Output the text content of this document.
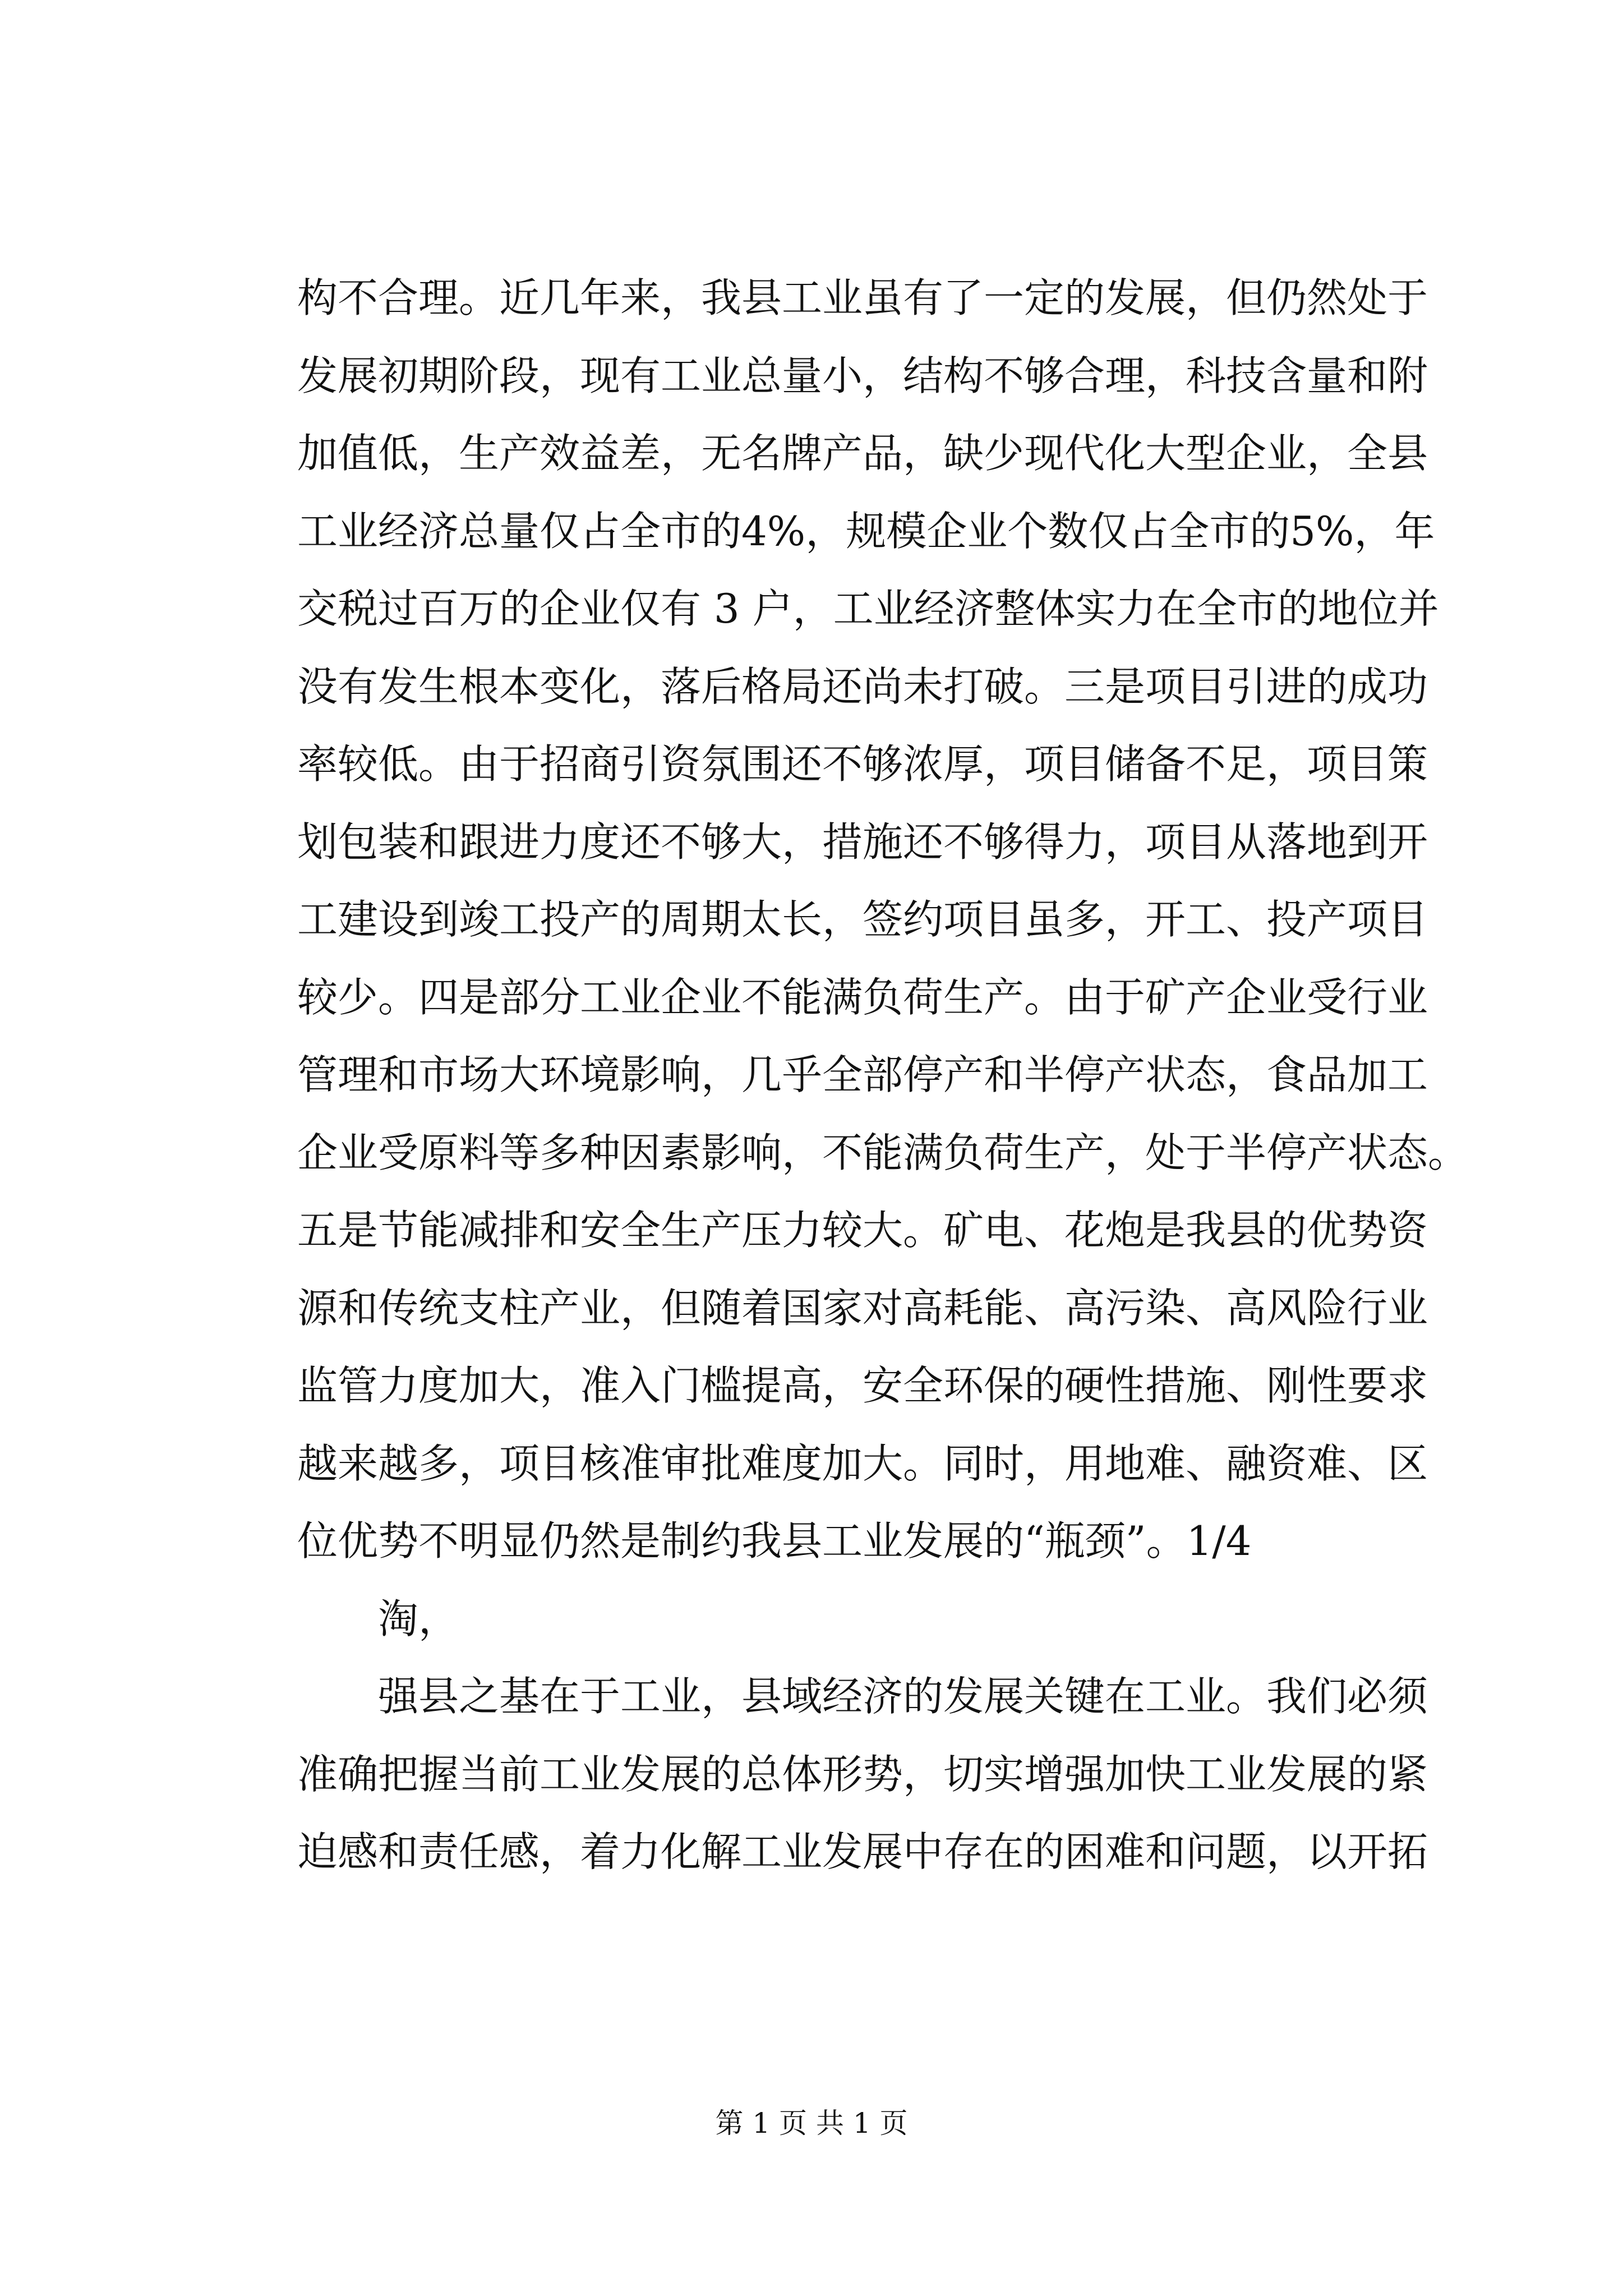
构不合理。近几年来，我县工业虽有了一定的发展，但仍然处于
发展初期阶段，现有工业总量小，结构不够合理，科技含量和附
加值低，生产效益差，无名牌产品，缺少现代化大型企业，全县
工业经济总量仅占全市的4%，规模企业个数仅占全市的5%，年
交税过百万的企业仅有 3 户，工业经济整体实力在全市的地位并
没有发生根本变化，落后格局还尚未打破。三是项目引进的成功
率较低。由于招商引资氛围还不够浓厚，项目储备不足，项目策
划包装和跟进力度还不够大，措施还不够得力，项目从落地到开
工建设到竣工投产的周期太长，签约项目虽多，开工、投产项目
较少。四是部分工业企业不能满负荷生产。由于矿产企业受行业
管理和市场大环境影响，几乎全部停产和半停产状态，食品加工
企业受原料等多种因素影响，不能满负荷生产，处于半停产状态。
五是节能减排和安全生产压力较大。矿电、花炮是我县的优势资
源和传统支柱产业，但随着国家对高耗能、高污染、高风险行业
监管力度加大，准入门槛提高，安全环保的硬性措施、刚性要求
越来越多，项目核准审批难度加大。同时，用地难、融资难、区
位优势不明显仍然是制约我县工业发展的“瓶颈”。1/4
淘，
强县之基在于工业，县域经济的发展关键在工业。我们必须
准确把握当前工业发展的总体形势，切实增强加快工业发展的紧
迫感和责任感，着力化解工业发展中存在的困难和问题，以开拓
第 1 页 共 1 页
